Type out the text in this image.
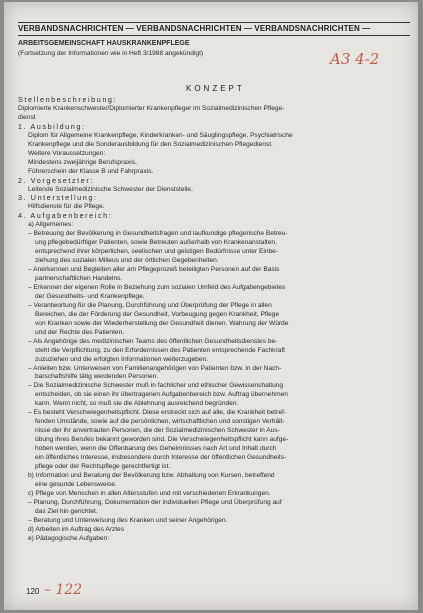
VERBANDSNACHRICHTEN — VERBANDSNACHRICHTEN — VERBANDSNACHRICHTEN —
ARBEITSGEMEINSCHAFT HAUSKRANKENPFLEGE
(Fortsetzung der Informationen wie in Heft 3/1988 angekündigt)	A3 4-2
KONZEPT
Stellenbeschreibung:
Diplomierte Krankenschwester/Diplomierter Krankenpfleger im Sozialmedizinischen Pflege-
dienst
1. Ausbildung:
Diplom für Allgemeine Krankenpflege, Kinderkranken- und Säuglingspflege, Psychiatrische
Krankenpflege und die Sonderausbildung für den Sozialmedizinischen Pflegedienst.
Weitere Voraussetzungen:
Mindestens zweijährige Berufspraxis,
Führerschein der Klasse B und Fahrpraxis.
2. Vorgesetzter:
Leitende Sozialmedizinische Schwester der Dienststelle.
3. Unterstellung:
Hilfsdienste für die Pflege.
4. Aufgabenbereich:
a) Allgemeines:
– Betreuung der Bevölkerung in Gesundheitsfragen und laufkundige pflegerische Betreu-
ung pflegebedürftiger Patienten, sowie Betreuten außerhalb von Krankenanstalten,
entsprechend ihrer körperlichen, seelischen und geistigen Bedürfnisse unter Einbe-
ziehung des sozialen Milieus und der örtlichen Gegebenheiten.
– Anerkennen und Begleiten aller am Pflegeprozeß beteiligten Personen auf der Basis
partnerschaftlichen Handelns.
– Erkennen der eigenen Rolle in Beziehung zum sozialen Umfeld des Aufgabengebietes
der Gesundheits- und Krankenpflege.
– Verantwortung für die Planung, Durchführung und Überprüfung der Pflege in allen
Bereichen, die der Förderung der Gesundheit, Vorbeugung gegen Krankheit, Pflege
von Kranken sowie der Wiederherstellung der Gesundheit dienen. Wahrung der Würde
und der Rechte des Patienten.
– Als Angehörige des medizinischen Teams des öffentlichen Gesundheitsdienstes be-
steht die Verpflichtung, zu den Erfordernissen des Patienten entsprechende Fachkraft
zuzuziehen und die erfolgten Informationen weiterzugeben.
– Anleiten bzw. Unterweisen von Familienangehörigen von Patienten bzw. in der Nach-
barschaftshilfe tätig werdenden Personen.
– Die Sozialmedizinische Schwester muß in fachlicher und ethischer Gewissenshaltung
entscheiden, ob sie einen ihr übertragenen Aufgabenbereich bzw. Auftrag übernehmen
kann. Wenn nicht, so muß sie die Ablehnung ausreichend begründen.
– Es besteht Verschwiegenheitspflicht. Diese erstreckt sich auf alle, die Krankheit betref-
fenden Umstände, sowie auf die persönlichen, wirtschaftlichen und sonstigen Verhält-
nisse der ihr anvertrauten Personen, die der Sozialmedizinischen Schwester in Aus-
übung ihres Berufes bekannt geworden sind. Die Verschwiegenheitspflicht kann aufge-
hoben werden, wenn die Offenbarung des Geheimnisses nach Art und Inhalt durch
ein öffentliches Interesse, insbesondere durch Interesse der öffentlichen Gesundheits-
pflege oder der Rechtspflege gerechtfertigt ist.
b) Information und Beratung der Bevölkerung bzw. Abhaltung von Kursen, betreffend
eine gesunde Lebensweise.
c) Pflege von Menschen in allen Altersstufen und mit verschiedenen Erkrankungen.
– Planung, Durchführung, Dokumentation der individuellen Pflege und Überprüfung auf
das Ziel hin gerichtet.
– Beratung und Unterweisung des Kranken und seiner Angehörigen.
d) Arbeiten im Auftrag des Arztes
e) Pädagogische Aufgaben:
120 – 122
